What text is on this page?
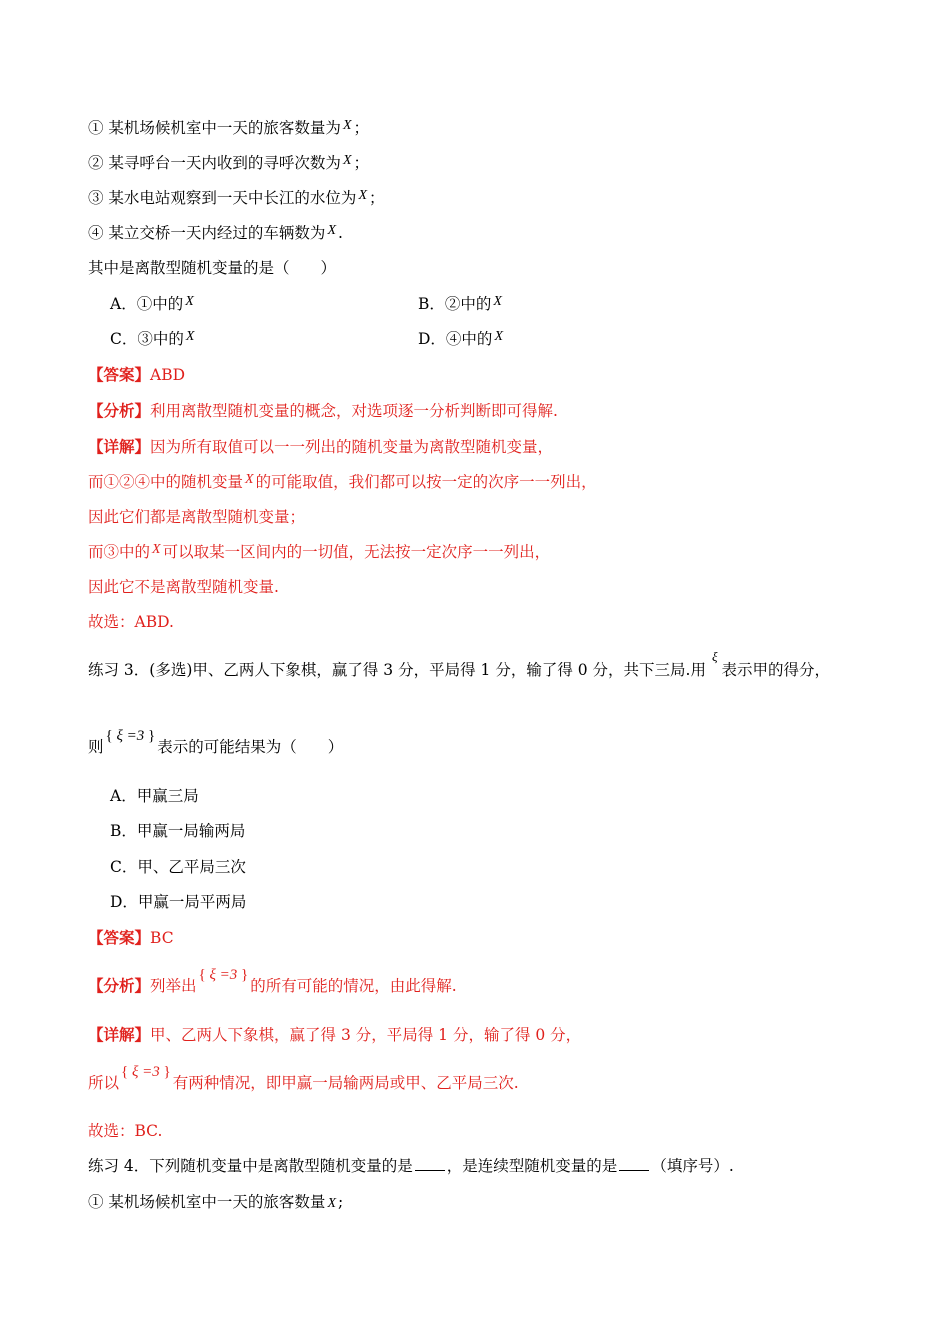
① 某机场候机室中一天的旅客数量为 X ；
② 某寻呼台一天内收到的寻呼次数为 X ；
③ 某水电站观察到一天中长江的水位为 X ；
④ 某立交桥一天内经过的车辆数为 X .
其中是离散型随机变量的是（　　）
A．①中的 X	B．②中的 X
C．③中的 X	D．④中的 X
【答案】ABD
【分析】利用离散型随机变量的概念，对选项逐一分析判断即可得解.
【详解】因为所有取值可以一一列出的随机变量为离散型随机变量，
而①②④中的随机变量 X 的可能取值，我们都可以按一定的次序一一列出，
因此它们都是离散型随机变量；
而③中的 X 可以取某一区间内的一切值，无法按一定次序一一列出，
因此它不是离散型随机变量.
故选：ABD.
练习 3．(多选)甲、乙两人下象棋，赢了得 3 分，平局得 1 分，输了得 0 分，共下三局.用$^\xi$表示甲的得分，
则{ ξ =3 }表示的可能结果为（　　）
A．甲赢三局
B．甲赢一局输两局
C．甲、乙平局三次
D．甲赢一局平两局
【答案】BC
【分析】列举出{ ξ =3 }的所有可能的情况，由此得解.
【详解】甲、乙两人下象棋，赢了得 3 分，平局得 1 分，输了得 0 分，
所以{ ξ =3 }有两种情况，即甲赢一局输两局或甲、乙平局三次.
故选：BC.
练习 4．下列随机变量中是离散型随机变量的是 ，是连续型随机变量的是 （填序号）.
① 某机场候机室中一天的旅客数量 X ;
